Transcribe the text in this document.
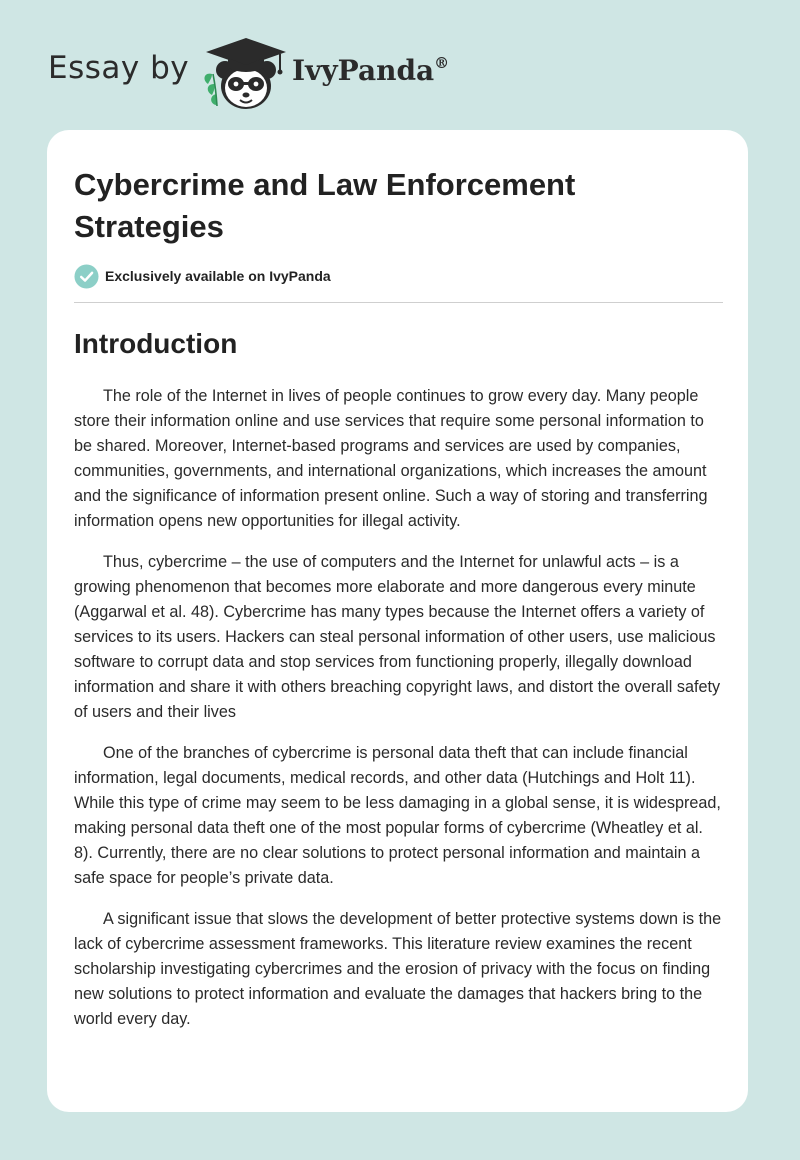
Essay by	IvyPanda®
Cybercrime and Law Enforcement Strategies
Exclusively available on IvyPanda
Introduction

The role of the Internet in lives of people continues to grow every day. Many people store their information online and use services that require some personal information to be shared. Moreover, Internet-based programs and services are used by companies, communities, governments, and international organizations, which increases the amount and the significance of information present online. Such a way of storing and transferring information opens new opportunities for illegal activity.

Thus, cybercrime – the use of computers and the Internet for unlawful acts – is a growing phenomenon that becomes more elaborate and more dangerous every minute (Aggarwal et al. 48). Cybercrime has many types because the Internet offers a variety of services to its users. Hackers can steal personal information of other users, use malicious software to corrupt data and stop services from functioning properly, illegally download information and share it with others breaching copyright laws, and distort the overall safety of users and their lives

One of the branches of cybercrime is personal data theft that can include financial information, legal documents, medical records, and other data (Hutchings and Holt 11). While this type of crime may seem to be less damaging in a global sense, it is widespread, making personal data theft one of the most popular forms of cybercrime (Wheatley et al. 8). Currently, there are no clear solutions to protect personal information and maintain a safe space for people’s private data.

A significant issue that slows the development of better protective systems down is the lack of cybercrime assessment frameworks. This literature review examines the recent scholarship investigating cybercrimes and the erosion of privacy with the focus on finding new solutions to protect information and evaluate the damages that hackers bring to the world every day.
